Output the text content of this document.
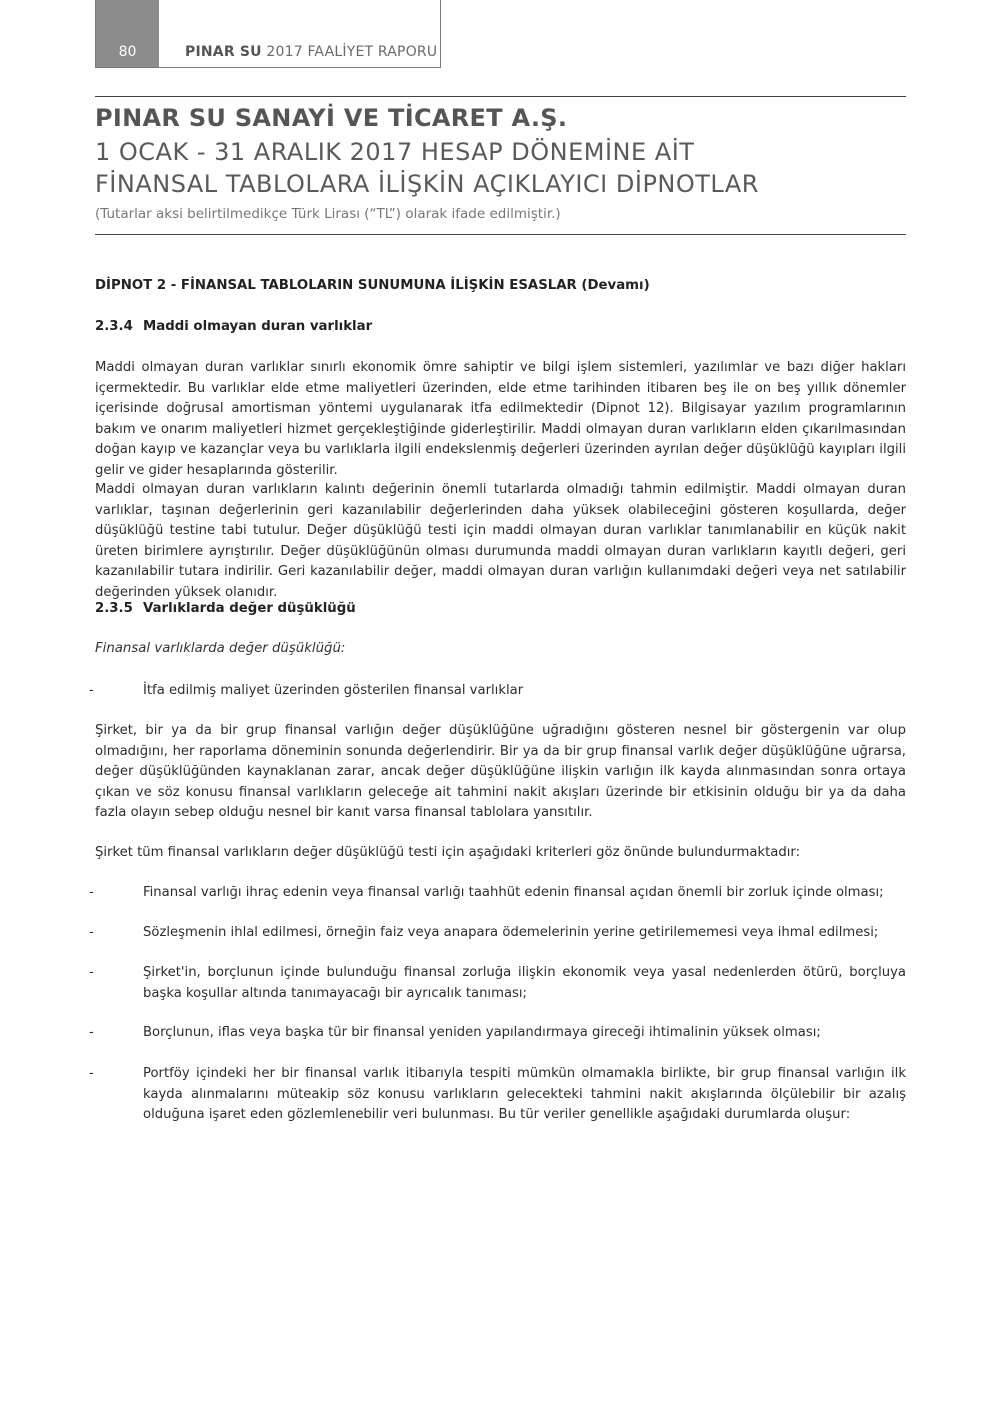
80	PINAR SU 2017 FAALİYET RAPORU
PINAR SU SANAYİ VE TİCARET A.Ş.
1 OCAK - 31 ARALIK 2017 HESAP DÖNEMİNE AİT
FİNANSAL TABLOLARA İLİŞKİN AÇIKLAYICI DİPNOTLAR
(Tutarlar aksi belirtilmedikçe Türk Lirası (“TL”) olarak ifade edilmiştir.)
DİPNOT 2 - FİNANSAL TABLOLARIN SUNUMUNA İLİŞKİN ESASLAR (Devamı)
2.3.4 Maddi olmayan duran varlıklar

Maddi olmayan duran varlıklar sınırlı ekonomik ömre sahiptir ve bilgi işlem sistemleri, yazılımlar ve bazı diğer hakları içermektedir. Bu varlıklar elde etme maliyetleri üzerinden, elde etme tarihinden itibaren beş ile on beş yıllık dönemler içerisinde doğrusal amortisman yöntemi uygulanarak itfa edilmektedir (Dipnot 12). Bilgisayar yazılım programlarının bakım ve onarım maliyetleri hizmet gerçekleştiğinde giderleştirilir. Maddi olmayan duran varlıkların elden çıkarılmasından doğan kayıp ve kazançlar veya bu varlıklarla ilgili endekslenmiş değerleri üzerinden ayrılan değer düşüklüğü kayıpları ilgili gelir ve gider hesaplarında gösterilir.

Maddi olmayan duran varlıkların kalıntı değerinin önemli tutarlarda olmadığı tahmin edilmiştir. Maddi olmayan duran varlıklar, taşınan değerlerinin geri kazanılabilir değerlerinden daha yüksek olabileceğini gösteren koşullarda, değer düşüklüğü testine tabi tutulur. Değer düşüklüğü testi için maddi olmayan duran varlıklar tanımlanabilir en küçük nakit üreten birimlere ayrıştırılır. Değer düşüklüğünün olması durumunda maddi olmayan duran varlıkların kayıtlı değeri, geri kazanılabilir tutara indirilir. Geri kazanılabilir değer, maddi olmayan duran varlığın kullanımdaki değeri veya net satılabilir değerinden yüksek olanıdır.

2.3.5 Varlıklarda değer düşüklüğü
Finansal varlıklarda değer düşüklüğü:
-	İtfa edilmiş maliyet üzerinden gösterilen finansal varlıklar

Şirket, bir ya da bir grup finansal varlığın değer düşüklüğüne uğradığını gösteren nesnel bir göstergenin var olup olmadığını, her raporlama döneminin sonunda değerlendirir. Bir ya da bir grup finansal varlık değer düşüklüğüne uğrarsa, değer düşüklüğünden kaynaklanan zarar, ancak değer düşüklüğüne ilişkin varlığın ilk kayda alınmasından sonra ortaya çıkan ve söz konusu finansal varlıkların geleceğe ait tahmini nakit akışları üzerinde bir etkisinin olduğu bir ya da daha fazla olayın sebep olduğu nesnel bir kanıt varsa finansal tablolara yansıtılır.

Şirket tüm finansal varlıkların değer düşüklüğü testi için aşağıdaki kriterleri göz önünde bulundurmaktadır:

-	Finansal varlığı ihraç edenin veya finansal varlığı taahhüt edenin finansal açıdan önemli bir zorluk içinde olması;
-	Sözleşmenin ihlal edilmesi, örneğin faiz veya anapara ödemelerinin yerine getirilememesi veya ihmal edilmesi;
-	Şirket'in, borçlunun içinde bulunduğu finansal zorluğa ilişkin ekonomik veya yasal nedenlerden ötürü, borçluya başka koşullar altında tanımayacağı bir ayrıcalık tanıması;
-	Borçlunun, iflas veya başka tür bir finansal yeniden yapılandırmaya gireceği ihtimalinin yüksek olması;
-	Portföy içindeki her bir finansal varlık itibarıyla tespiti mümkün olmamakla birlikte, bir grup finansal varlığın ilk kayda alınmalarını müteakip söz konusu varlıkların gelecekteki tahmini nakit akışlarında ölçülebilir bir azalış olduğuna işaret eden gözlemlenebilir veri bulunması. Bu tür veriler genellikle aşağıdaki durumlarda oluşur:
